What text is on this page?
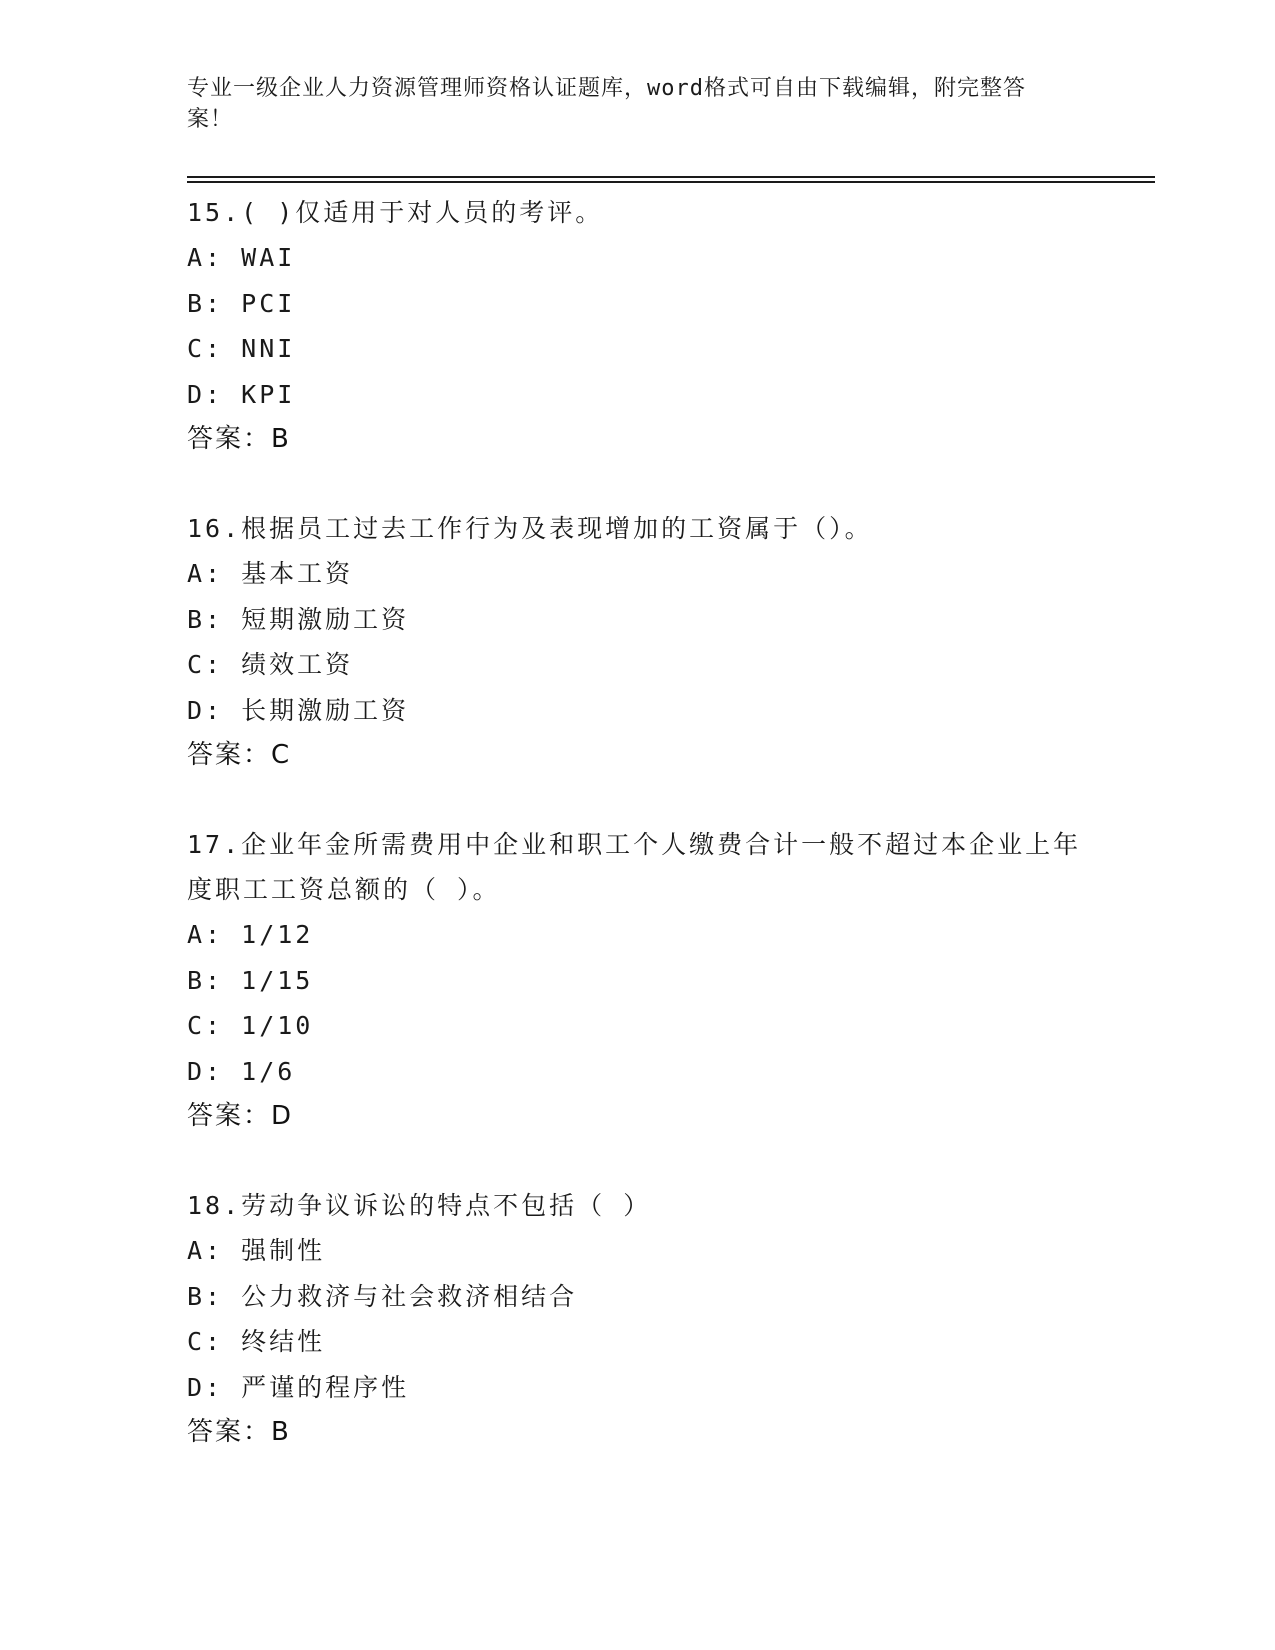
专业一级企业人力资源管理师资格认证题库，word格式可自由下载编辑，附完整答案！

15.( )仅适用于对人员的考评。

A: WAI

B: PCI

C: NNI

D: KPI

答案：B

16.根据员工过去工作行为及表现增加的工资属于（）。

A: 基本工资

B: 短期激励工资

C: 绩效工资

D: 长期激励工资

答案：C

17.企业年金所需费用中企业和职工个人缴费合计一般不超过本企业上年度职工工资总额的（ ）。

A: 1/12

B: 1/15

C: 1/10

D: 1/6

答案：D

18.劳动争议诉讼的特点不包括（ ）

A: 强制性

B: 公力救济与社会救济相结合

C: 终结性

D: 严谨的程序性

答案：B
